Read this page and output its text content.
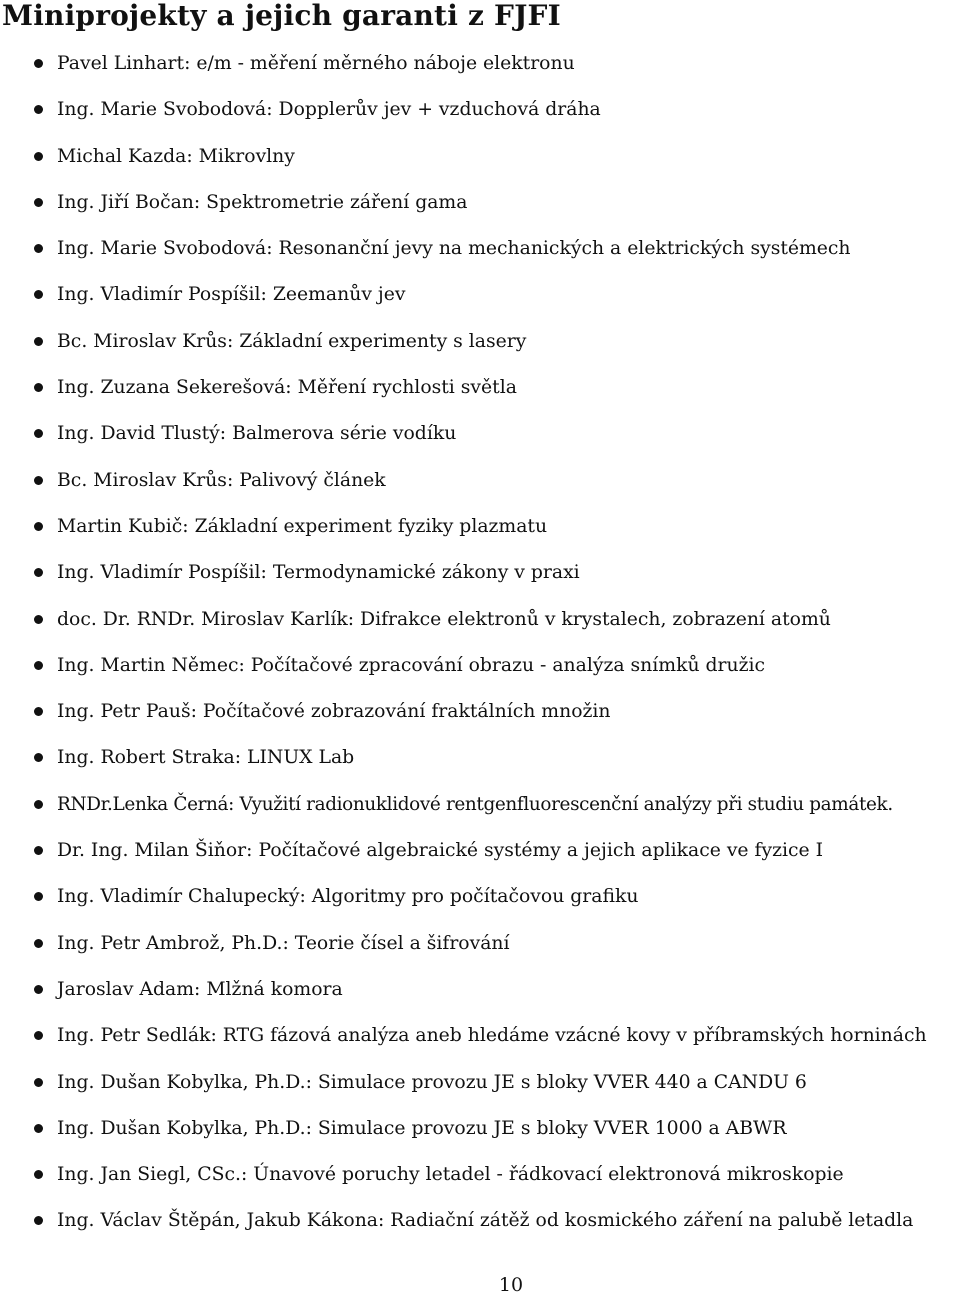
Miniprojekty a jejich garanti z FJFI
Pavel Linhart: e/m - měření měrného náboje elektronu
Ing. Marie Svobodová: Dopplerův jev + vzduchová dráha
Michal Kazda: Mikrovlny
Ing. Jiří Bočan: Spektrometrie záření gama
Ing. Marie Svobodová: Resonanční jevy na mechanických a elektrických systémech
Ing. Vladimír Pospíšil: Zeemanův jev
Bc. Miroslav Krůs: Základní experimenty s lasery
Ing. Zuzana Sekerešová: Měření rychlosti světla
Ing. David Tlustý: Balmerova série vodíku
Bc. Miroslav Krůs: Palivový článek
Martin Kubič: Základní experiment fyziky plazmatu
Ing. Vladimír Pospíšil: Termodynamické zákony v praxi
doc. Dr. RNDr. Miroslav Karlík: Difrakce elektronů v krystalech, zobrazení atomů
Ing. Martin Němec: Počítačové zpracování obrazu - analýza snímků družic
Ing. Petr Pauš: Počítačové zobrazování fraktálních množin
Ing. Robert Straka: LINUX Lab
RNDr.Lenka Černá: Využití radionuklidové rentgenfluorescenční analýzy při studiu památek.
Dr. Ing. Milan Šiňor: Počítačové algebraické systémy a jejich aplikace ve fyzice I
Ing. Vladimír Chalupecký: Algoritmy pro počítačovou grafiku
Ing. Petr Ambrož, Ph.D.: Teorie čísel a šifrování
Jaroslav Adam: Mlžná komora
Ing. Petr Sedlák: RTG fázová analýza aneb hledáme vzácné kovy v příbramských horninách
Ing. Dušan Kobylka, Ph.D.: Simulace provozu JE s bloky VVER 440 a CANDU 6
Ing. Dušan Kobylka, Ph.D.: Simulace provozu JE s bloky VVER 1000 a ABWR
Ing. Jan Siegl, CSc.: Únavové poruchy letadel - řádkovací elektronová mikroskopie
Ing. Václav Štěpán, Jakub Kákona: Radiační zátěž od kosmického záření na palubě letadla
10
